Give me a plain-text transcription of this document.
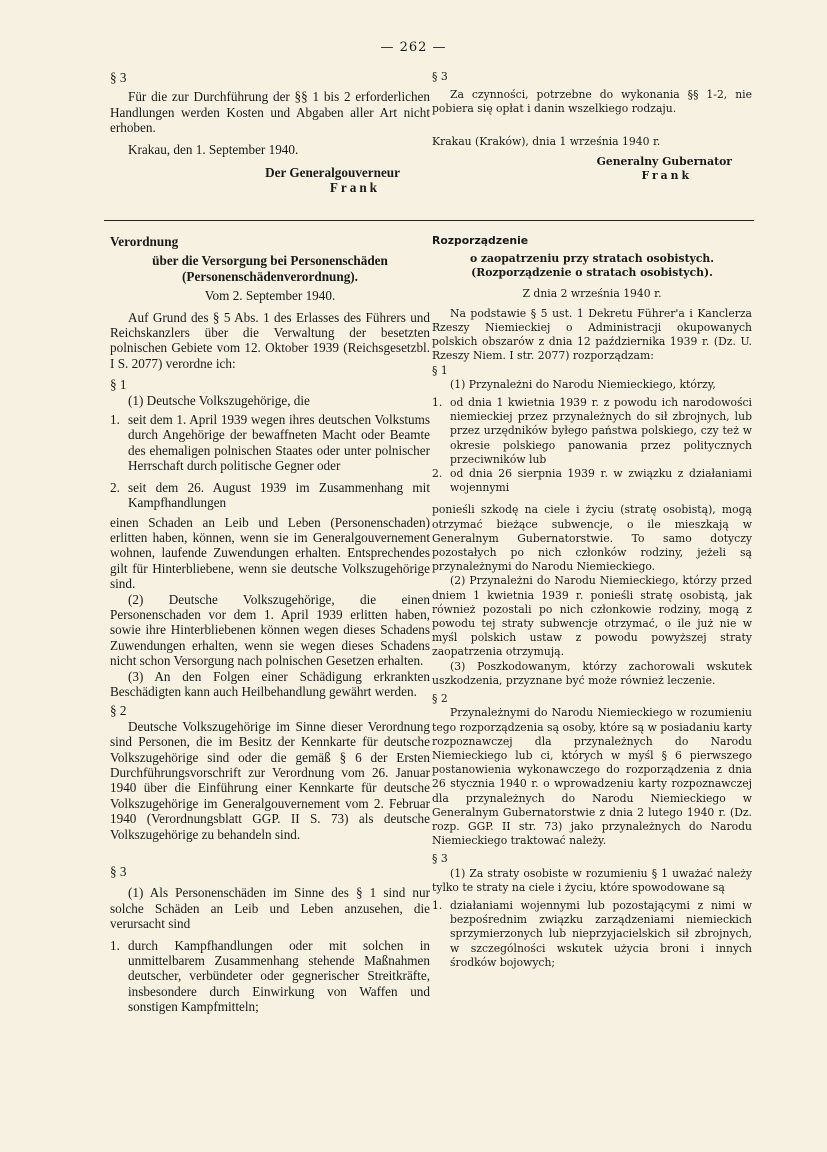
— 262 —

§ 3

Für die zur Durchführung der §§ 1 bis 2 erforderlichen Handlungen werden Kosten und Abgaben aller Art nicht erhoben.

Krakau, den 1. September 1940.

Der Generalgouverneur

Frank

§ 3

Za czynności, potrzebne do wykonania §§ 1-2, nie pobiera się opłat i danin wszelkiego rodzaju.

Krakau (Kraków), dnia 1 września 1940 r.

Generalny Gubernator

Frank

Verordnung

über die Versorgung bei Personenschäden (Personenschädenverordnung).

Vom 2. September 1940.

Auf Grund des § 5 Abs. 1 des Erlasses des Führers und Reichskanzlers über die Verwaltung der besetzten polnischen Gebiete vom 12. Oktober 1939 (Reichsgesetzbl. I S. 2077) verordne ich:

§ 1

(1) Deutsche Volkszugehörige, die

1. seit dem 1. April 1939 wegen ihres deutschen Volkstums durch Angehörige der bewaffneten Macht oder Beamte des ehemaligen polnischen Staates oder unter polnischer Herrschaft durch politische Gegner oder
2. seit dem 26. August 1939 im Zusammenhang mit Kampfhandlungen

einen Schaden an Leib und Leben (Personenschaden) erlitten haben, können, wenn sie im Generalgouvernement wohnen, laufende Zuwendungen erhalten. Entsprechendes gilt für Hinterbliebene, wenn sie deutsche Volkszugehörige sind.

(2) Deutsche Volkszugehörige, die einen Personenschaden vor dem 1. April 1939 erlitten haben, sowie ihre Hinterbliebenen können wegen dieses Schadens Zuwendungen erhalten, wenn sie wegen dieses Schadens nicht schon Versorgung nach polnischen Gesetzen erhalten.

(3) An den Folgen einer Schädigung erkrankten Beschädigten kann auch Heilbehandlung gewährt werden.

§ 2

Deutsche Volkszugehörige im Sinne dieser Verordnung sind Personen, die im Besitz der Kennkarte für deutsche Volkszugehörige sind oder die gemäß § 6 der Ersten Durchführungsvorschrift zur Verordnung vom 26. Januar 1940 über die Einführung einer Kennkarte für deutsche Volkszugehörige im Generalgouvernement vom 2. Februar 1940 (Verordnungsblatt GGP. II S. 73) als deutsche Volkszugehörige zu behandeln sind.

§ 3

(1) Als Personenschäden im Sinne des § 1 sind nur solche Schäden an Leib und Leben anzusehen, die verursacht sind

1. durch Kampfhandlungen oder mit solchen in unmittelbarem Zusammenhang stehende Maßnahmen deutscher, verbündeter oder gegnerischer Streitkräfte, insbesondere durch Einwirkung von Waffen und sonstigen Kampfmitteln;

Rozporządzenie

o zaopatrzeniu przy stratach osobistych. (Rozporządzenie o stratach osobistych).

Z dnia 2 września 1940 r.

Na podstawie § 5 ust. 1 Dekretu Führer'a i Kanclerza Rzeszy Niemieckiej o Administracji okupowanych polskich obszarów z dnia 12 października 1939 r. (Dz. U. Rzeszy Niem. I str. 2077) rozporządzam:

§ 1

(1) Przynależni do Narodu Niemieckiego, którzy,

1. od dnia 1 kwietnia 1939 r. z powodu ich narodowości niemieckiej przez przynależnych do sił zbrojnych, lub przez urzędników byłego państwa polskiego, czy też w okresie polskiego panowania przez politycznych przeciwników lub
2. od dnia 26 sierpnia 1939 r. w związku z działaniami wojennymi

ponieśli szkodę na ciele i życiu (stratę osobistą), mogą otrzymać bieżące subwencje, o ile mieszkają w Generalnym Gubernatorstwie. To samo dotyczy pozostałych po nich członków rodziny, jeżeli są przynależnymi do Narodu Niemieckiego.

(2) Przynależni do Narodu Niemieckiego, którzy przed dniem 1 kwietnia 1939 r. ponieśli stratę osobistą, jak również pozostali po nich członkowie rodziny, mogą z powodu tej straty subwencje otrzymać, o ile już nie w myśl polskich ustaw z powodu powyższej straty zaopatrzenia otrzymują.

(3) Poszkodowanym, którzy zachorowali wskutek uszkodzenia, przyznane być może również leczenie.

§ 2

Przynależnymi do Narodu Niemieckiego w rozumieniu tego rozporządzenia są osoby, które są w posiadaniu karty rozpoznawczej dla przynależnych do Narodu Niemieckiego lub ci, których w myśl § 6 pierwszego postanowienia wykonawczego do rozporządzenia z dnia 26 stycznia 1940 r. o wprowadzeniu karty rozpoznawczej dla przynależnych do Narodu Niemieckiego w Generalnym Gubernatorstwie z dnia 2 lutego 1940 r. (Dz. rozp. GGP. II str. 73) jako przynależnych do Narodu Niemieckiego traktować należy.

§ 3

(1) Za straty osobiste w rozumieniu § 1 uważać należy tylko te straty na ciele i życiu, które spowodowane są

1. działaniami wojennymi lub pozostającymi z nimi w bezpośrednim związku zarządzeniami niemieckich sprzymierzonych lub nieprzyjacielskich sił zbrojnych, w szczególności wskutek użycia broni i innych środków bojowych;
